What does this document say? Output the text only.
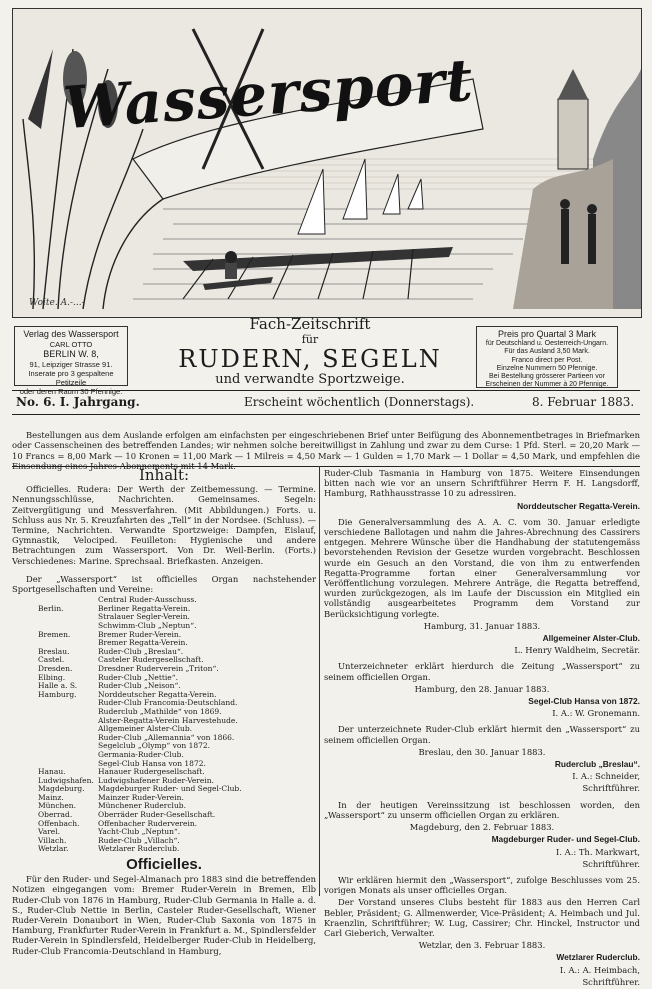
Wassersport
Woite. A.-...-
Verlag des Wassersport
CARL OTTO
BERLIN W. 8,
91, Leipziger Strasse 91.
Inserate pro 3 gespaltene Petitzeile
oder deren Raum 30 Pfennige.
Fach-Zeitschrift
für
RUDERN, SEGELN
und verwandte Sportzweige.
Preis pro Quartal 3 Mark
für Deutschland u. Oesterreich-Ungarn.
Für das Ausland 3,50 Mark.
Franco direct per Post.
Einzelne Nummern 50 Pfennige.
Bei Bestellung grösserer Partieen vor
Erscheinen der Nummer à 20 Pfennige.
No. 6. I. Jahrgang.	Erscheint wöchentlich (Donnerstags).	8. Februar 1883.
Bestellungen aus dem Auslande erfolgen am einfachsten per eingeschriebenen Brief unter Beifügung des Abonnementbetrages in Briefmarken oder Cassenscheinen des betreffenden Landes; wir nehmen solche bereitwilligst in Zahlung und zwar zu dem Curse: 1 Pfd. Sterl. = 20,20 Mark — 10 Francs = 8,00 Mark — 10 Kronen = 11,00 Mark — 1 Milreis = 4,50 Mark — 1 Gulden = 1,70 Mark — 1 Dollar = 4,50 Mark, und empfehlen die Einsendung eines Jahres-Abonnements mit 14 Mark.
Inhalt:

Officielles. Rudera: Der Werth der Zeitbemessung. — Termine. Nennungsschlüsse, Nachrichten. Gemeinsames. Segeln: Zeitvergütigung und Messverfahren. (Mit Abbildungen.) Forts. u. Schluss aus Nr. 5. Kreuzfahrten des „Tell“ in der Nordsee. (Schluss). — Termine, Nachrichten. Verwandte Sportzweige: Dampfen, Eislauf, Gymnastik, Velociped. Feuilleton: Hygienische und andere Betrachtungen zum Wassersport. Von Dr. Weil-Berlin. (Forts.) Verschiedenes: Marine. Sprechsaal. Briefkasten. Anzeigen.

Der „Wassersport“ ist officielles Organ nachstehender Sportgesellschaften und Vereine:

Central Ruder-Ausschuss.
Berlin.	Berliner Regatta-Verein.
Stralauer Segler-Verein.
Schwimm-Club „Neptun“.
Bremen.	Bremer Ruder-Verein.
Bremer Regatta-Verein.
Breslau.	Ruder-Club „Breslau“.
Castel.	Casteler Rudergesellschaft.
Dresden.	Dresdner Ruderverein „Triton“.
Elbing.	Ruder-Club „Nettie“.
Halle a. S.	Ruder-Club „Neison“.
Hamburg.	Norddeutscher Regatta-Verein.
Ruder-Club Francomia-Deutschland.
Ruderclub „Mathilde“ von 1869.
Alster-Regatta-Verein Harvestehude.
Allgemeiner Alster-Club.
Ruder-Club „Allemannia“ von 1866.
Segelclub „Olymp“ von 1872.
Germania-Ruder-Club.
Segel-Club Hansa von 1872.
Hanau.	Hanauer Rudergesellschaft.
Ludwigshafen. Ludwigshafener Ruder-Verein.
Magdeburg.	Magdeburger Ruder- und Segel-Club.
Mainz.	Mainzer Ruder-Verein.
München.	Münchener Ruderclub.
Oberrad.	Oberräder Ruder-Gesellschaft.
Offenbach.	Offenbacher Ruderverein.
Varel.	Yacht-Club „Neptun“.
Villach.	Ruder-Club „Villach“.
Wetzlar.	Wetzlarer Ruderclub.
Officielles.

Für den Ruder- und Segel-Almanach pro 1883 sind die betreffenden Notizen eingegangen vom: Bremer Ruder-Verein in Bremen, Elb Ruder-Club von 1876 in Hamburg, Ruder-Club Germania in Halle a. d. S., Ruder-Club Nettie in Berlin, Casteler Ruder-Gesellschaft, Wiener Ruder-Verein Donaubort in Wien, Ruder-Club Saxonia von 1875 in Hamburg, Frankfurter Ruder-Verein in Frankfurt a. M., Spindlersfelder Ruder-Verein in Spindlersfeld, Heidelberger Ruder-Club in Heidelberg, Ruder-Club Francomia-Deutschland in Hamburg,

Ruder-Club Tasmania in Hamburg von 1875. Weitere Einsendungen bitten nach wie vor an unsern Schriftführer Herrn F. H. Langsdorff, Hamburg, Rathhausstrasse 10 zu adressiren.

Norddeutscher Regatta-Verein.

Die Generalversammlung des A. A. C. vom 30. Januar erledigte verschiedene Ballotagen und nahm die Jahres-Abrechnung des Cassirers entgegen. Mehrere Wünsche über die Handhabung der statutengemäss bevorstehenden Revision der Gesetze wurden vorgebracht. Beschlossen wurde ein Gesuch an den Vorstand, die von ihm zu entwerfenden Regatta-Programme fortan einer Generalversammlung vor Veröffentlichung vorzulegen. Mehrere Anträge, die Regatta betreffend, wurden zurückgezogen, als im Laufe der Discussion ein Mitglied ein vollständig ausgearbeitetes Programm dem Vorstand zur Berücksichtigung vorlegte.

Hamburg, 31. Januar 1883.

Allgemeiner Alster-Club.

L. Henry Waldheim, Secretär.

Unterzeichneter erklärt hierdurch die Zeitung „Wassersport“ zu seinem officiellen Organ.

Hamburg, den 28. Januar 1883.

Segel-Club Hansa von 1872.

I. A.: W. Gronemann.

Der unterzeichnete Ruder-Club erklärt hiermit den „Wassersport“ zu seinem officiellen Organ.

Breslau, den 30. Januar 1883.

Ruderclub „Breslau“.

I. A.: Schneider,

Schriftführer.

In der heutigen Vereinssitzung ist beschlossen worden, den „Wassersport“ zu unserm officiellen Organ zu erklären.

Magdeburg, den 2. Februar 1883.

Magdeburger Ruder- und Segel-Club.

I. A.: Th. Markwart,

Schriftführer.

Wir erklären hiermit den „Wassersport“, zufolge Beschlusses vom 25. vorigen Monats als unser officielles Organ.

Der Vorstand unseres Clubs besteht für 1883 aus den Herren Carl Bebler, Präsident; G. Allmenwerder, Vice-Präsident; A. Heimbach und Jul. Kraenzlin, Schriftführer; W. Lug, Cassirer; Chr. Hinckel, Instructor und Carl Gieberich, Verwalter.

Wetzlar, den 3. Februar 1883.

Wetzlarer Ruderclub.

I. A.: A. Heimbach,

Schriftführer.
